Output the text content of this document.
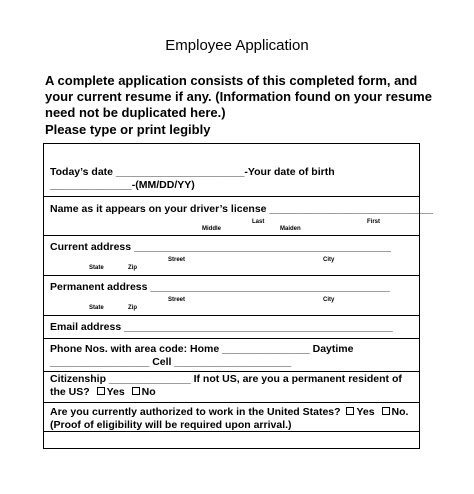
Employee Application
A complete application consists of this completed form, and your current resume if any. (Information found on your resume need not be duplicated here.)
Please type or print legibly
Today’s date ______________________-Your date of birth
______________-(MM/DD/YY)
Name as it appears on your driver’s license ____________________________
Last	First
Middle	Maiden
Current address ____________________________________________
Street	City
State	Zip
Permanent address _________________________________________
Street	City
State	Zip
Email address ______________________________________________
Phone Nos. with area code: Home _______________ Daytime
_________________ Cell ____________________
Citizenship ______________ If not US, are you a permanent resident of
the US? Yes No
Are you currently authorized to work in the United States? Yes No.
(Proof of eligibility will be required upon arrival.)
